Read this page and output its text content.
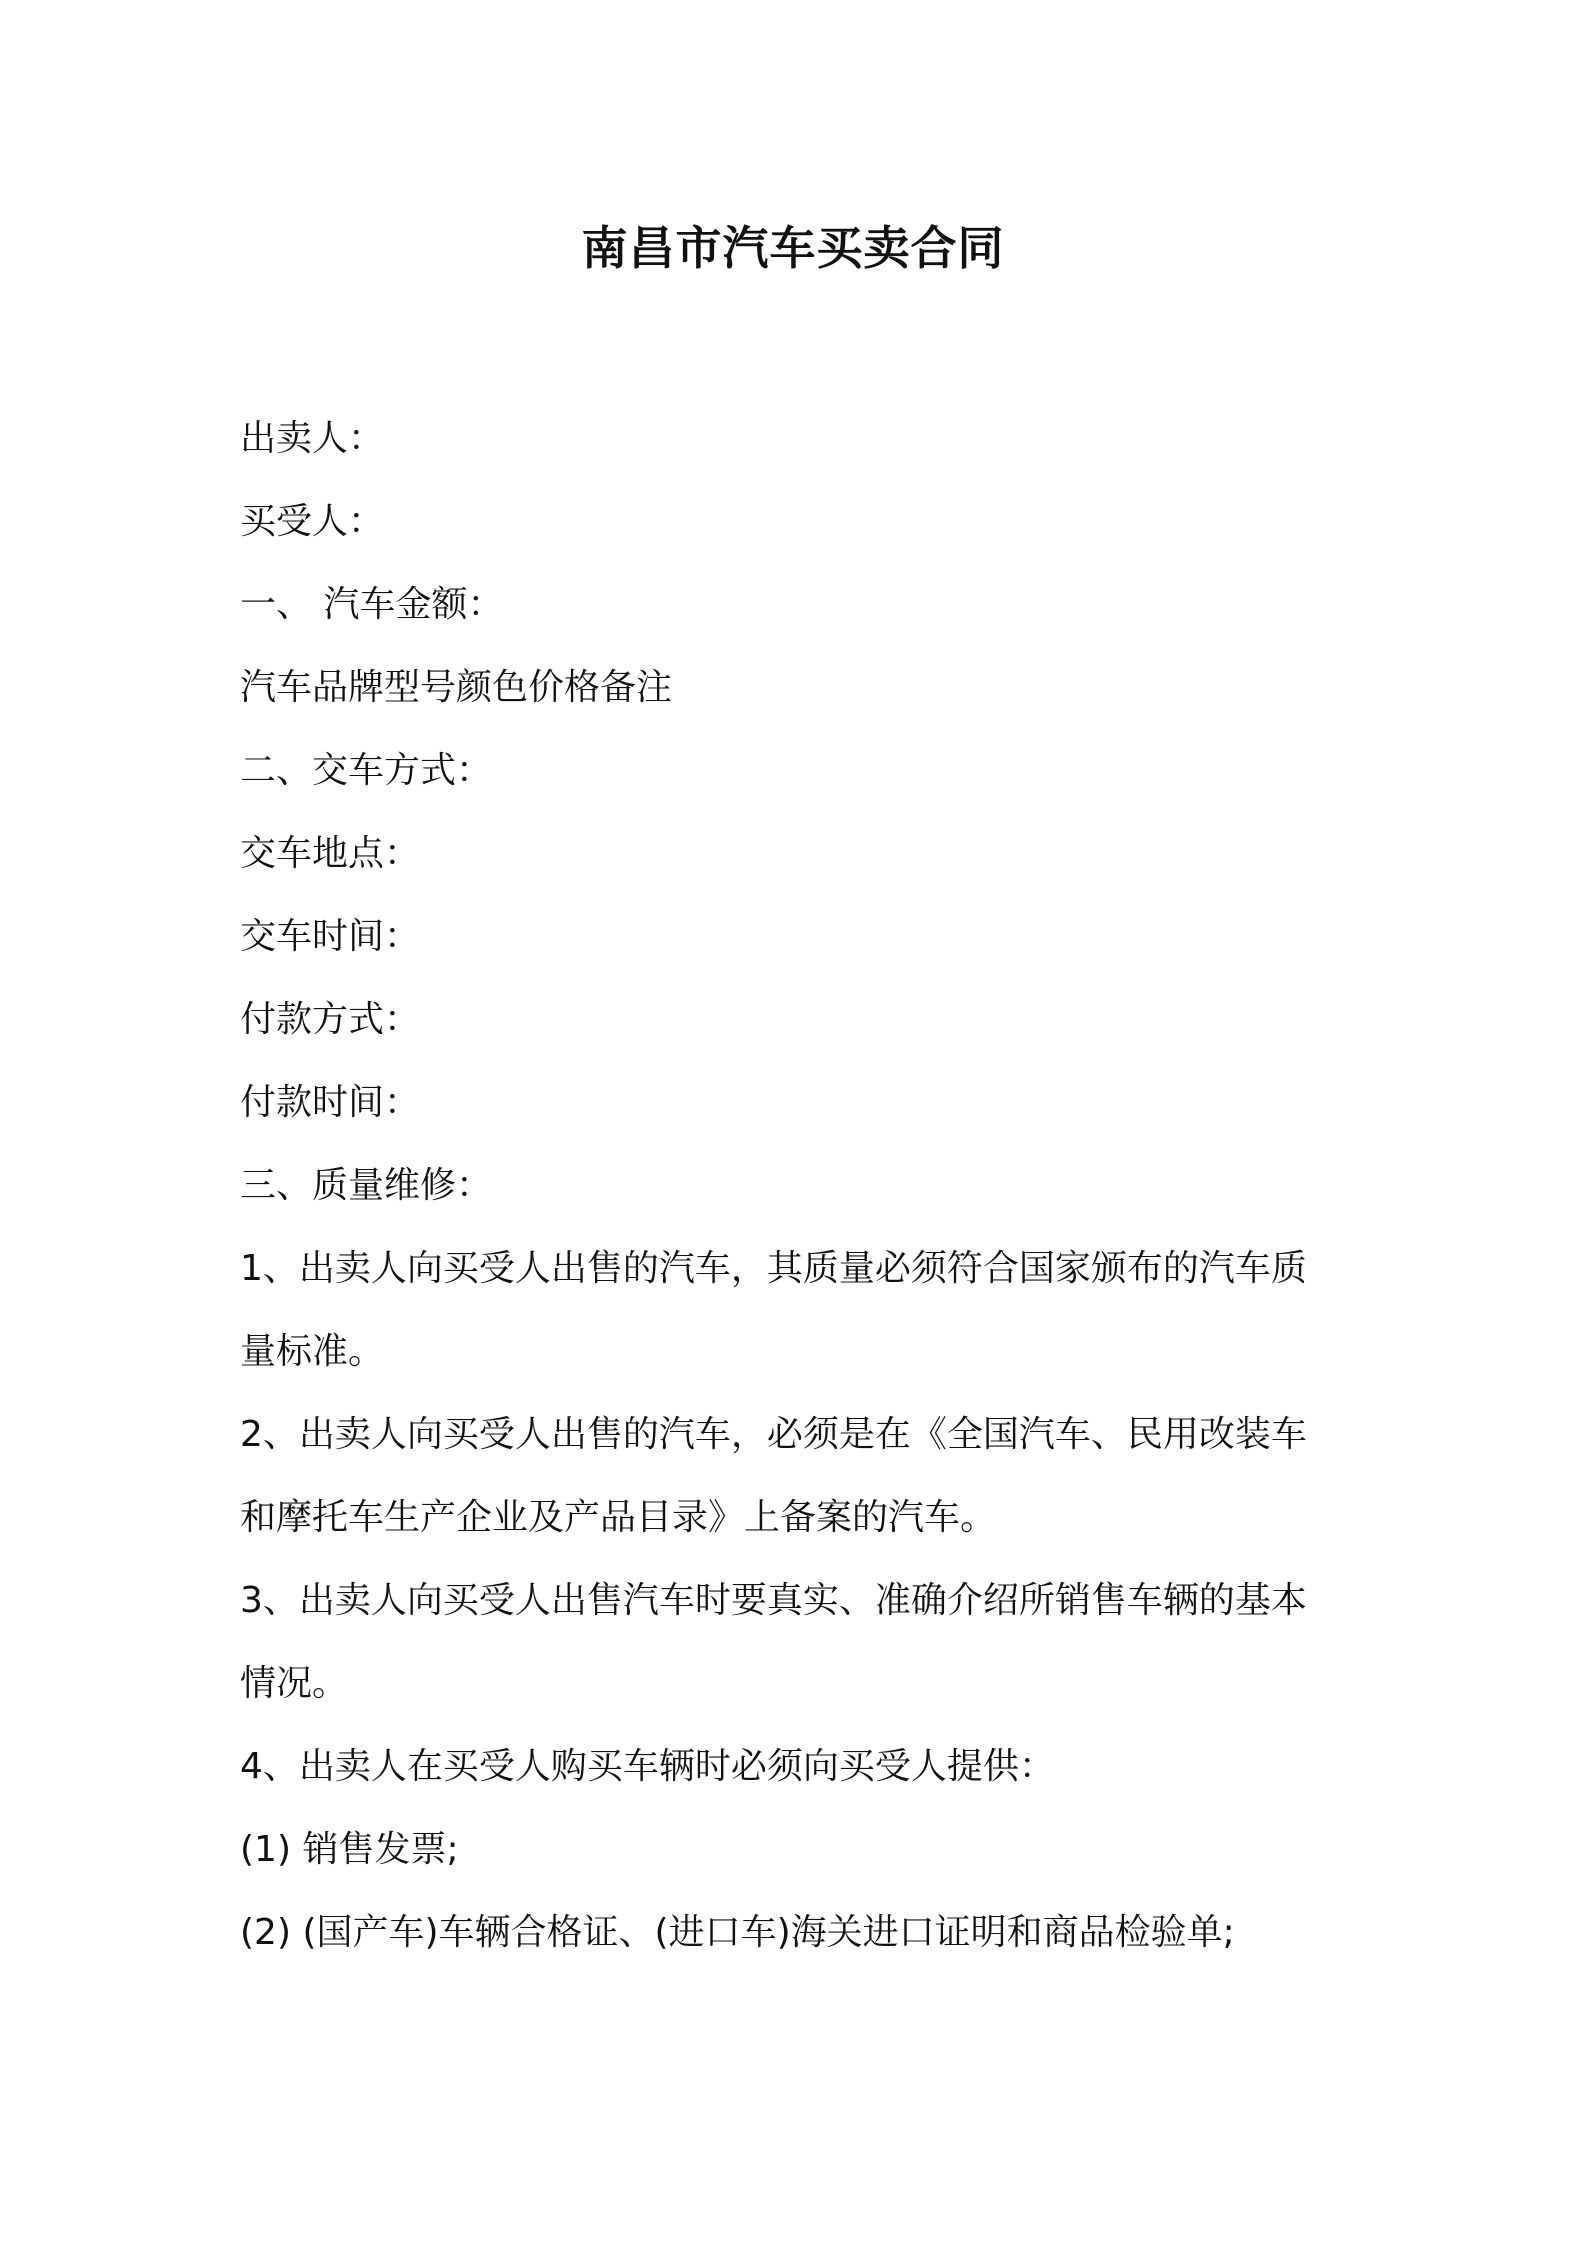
南昌市汽车买卖合同
出卖人：
买受人：
一、 汽车金额：
汽车品牌型号颜色价格备注
二、交车方式：
交车地点：
交车时间：
付款方式：
付款时间：
三、质量维修：
1、出卖人向买受人出售的汽车，其质量必须符合国家颁布的汽车质
量标准。
2、出卖人向买受人出售的汽车，必须是在《全国汽车、民用改装车
和摩托车生产企业及产品目录》上备案的汽车。
3、出卖人向买受人出售汽车时要真实、准确介绍所销售车辆的基本
情况。
4、出卖人在买受人购买车辆时必须向买受人提供：
(1) 销售发票;
(2) (国产车)车辆合格证、(进口车)海关进口证明和商品检验单;
